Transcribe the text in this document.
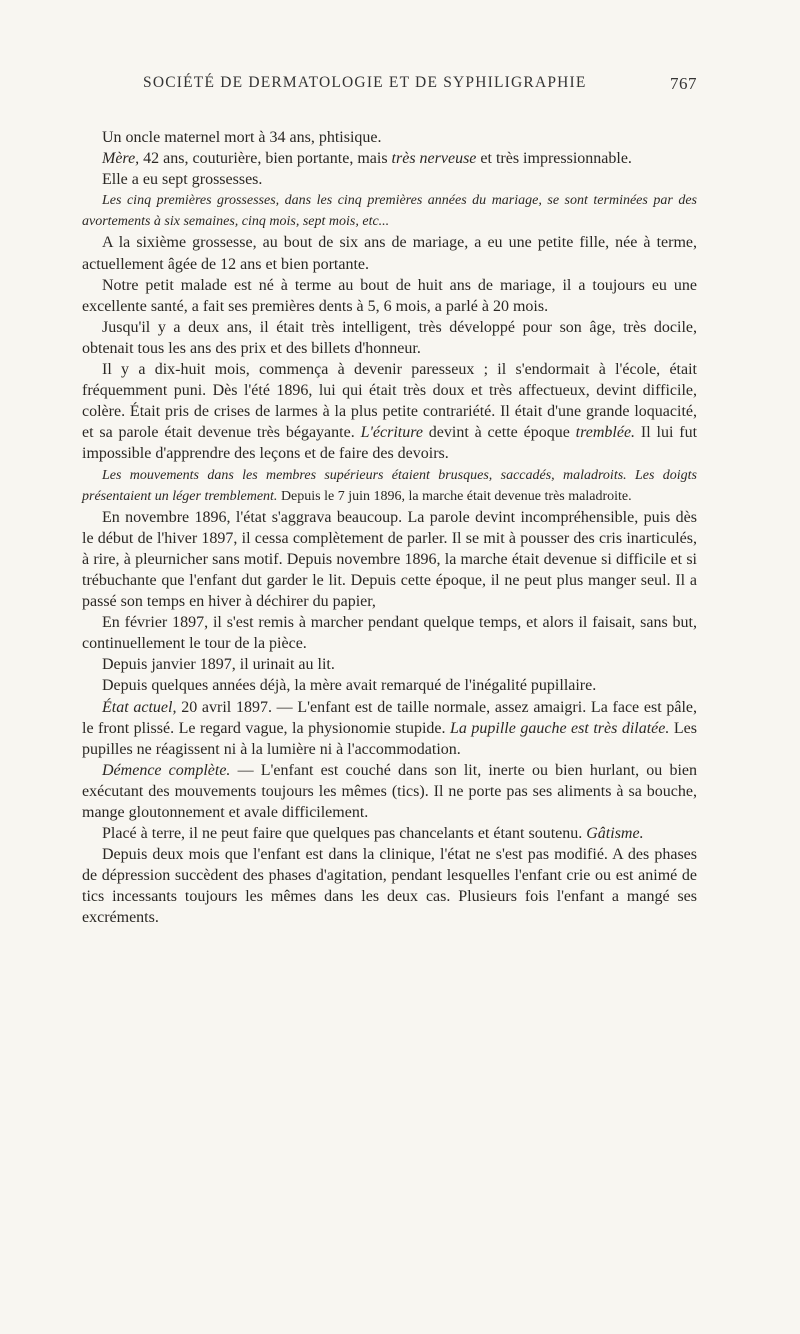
SOCIÉTÉ DE DERMATOLOGIE ET DE SYPHILIGRAPHIE	767

Un oncle maternel mort à 34 ans, phtisique.

Mère, 42 ans, couturière, bien portante, mais très nerveuse et très impressionnable.

Elle a eu sept grossesses.

Les cinq premières grossesses, dans les cinq premières années du mariage, se sont terminées par des avortements à six semaines, cinq mois, sept mois, etc...

A la sixième grossesse, au bout de six ans de mariage, a eu une petite fille, née à terme, actuellement âgée de 12 ans et bien portante.

Notre petit malade est né à terme au bout de huit ans de mariage, il a toujours eu une excellente santé, a fait ses premières dents à 5, 6 mois, a parlé à 20 mois.

Jusqu'il y a deux ans, il était très intelligent, très développé pour son âge, très docile, obtenait tous les ans des prix et des billets d'honneur.

Il y a dix-huit mois, commença à devenir paresseux ; il s'endormait à l'école, était fréquemment puni. Dès l'été 1896, lui qui était très doux et très affectueux, devint difficile, colère. Était pris de crises de larmes à la plus petite contrariété. Il était d'une grande loquacité, et sa parole était devenue très bégayante. L'écriture devint à cette époque tremblée. Il lui fut impossible d'apprendre des leçons et de faire des devoirs.

Les mouvements dans les membres supérieurs étaient brusques, saccadés, maladroits. Les doigts présentaient un léger tremblement. Depuis le 7 juin 1896, la marche était devenue très maladroite.

En novembre 1896, l'état s'aggrava beaucoup. La parole devint incompréhensible, puis dès le début de l'hiver 1897, il cessa complètement de parler. Il se mit à pousser des cris inarticulés, à rire, à pleurnicher sans motif. Depuis novembre 1896, la marche était devenue si difficile et si trébuchante que l'enfant dut garder le lit. Depuis cette époque, il ne peut plus manger seul. Il a passé son temps en hiver à déchirer du papier,

En février 1897, il s'est remis à marcher pendant quelque temps, et alors il faisait, sans but, continuellement le tour de la pièce.

Depuis janvier 1897, il urinait au lit.

Depuis quelques années déjà, la mère avait remarqué de l'inégalité pupillaire.

État actuel, 20 avril 1897. — L'enfant est de taille normale, assez amaigri. La face est pâle, le front plissé. Le regard vague, la physionomie stupide. La pupille gauche est très dilatée. Les pupilles ne réagissent ni à la lumière ni à l'accommodation.

Démence complète. — L'enfant est couché dans son lit, inerte ou bien hurlant, ou bien exécutant des mouvements toujours les mêmes (tics). Il ne porte pas ses aliments à sa bouche, mange gloutonnement et avale difficilement.

Placé à terre, il ne peut faire que quelques pas chancelants et étant soutenu. Gâtisme.

Depuis deux mois que l'enfant est dans la clinique, l'état ne s'est pas modifié. A des phases de dépression succèdent des phases d'agitation, pendant lesquelles l'enfant crie ou est animé de tics incessants toujours les mêmes dans les deux cas. Plusieurs fois l'enfant a mangé ses excréments.
